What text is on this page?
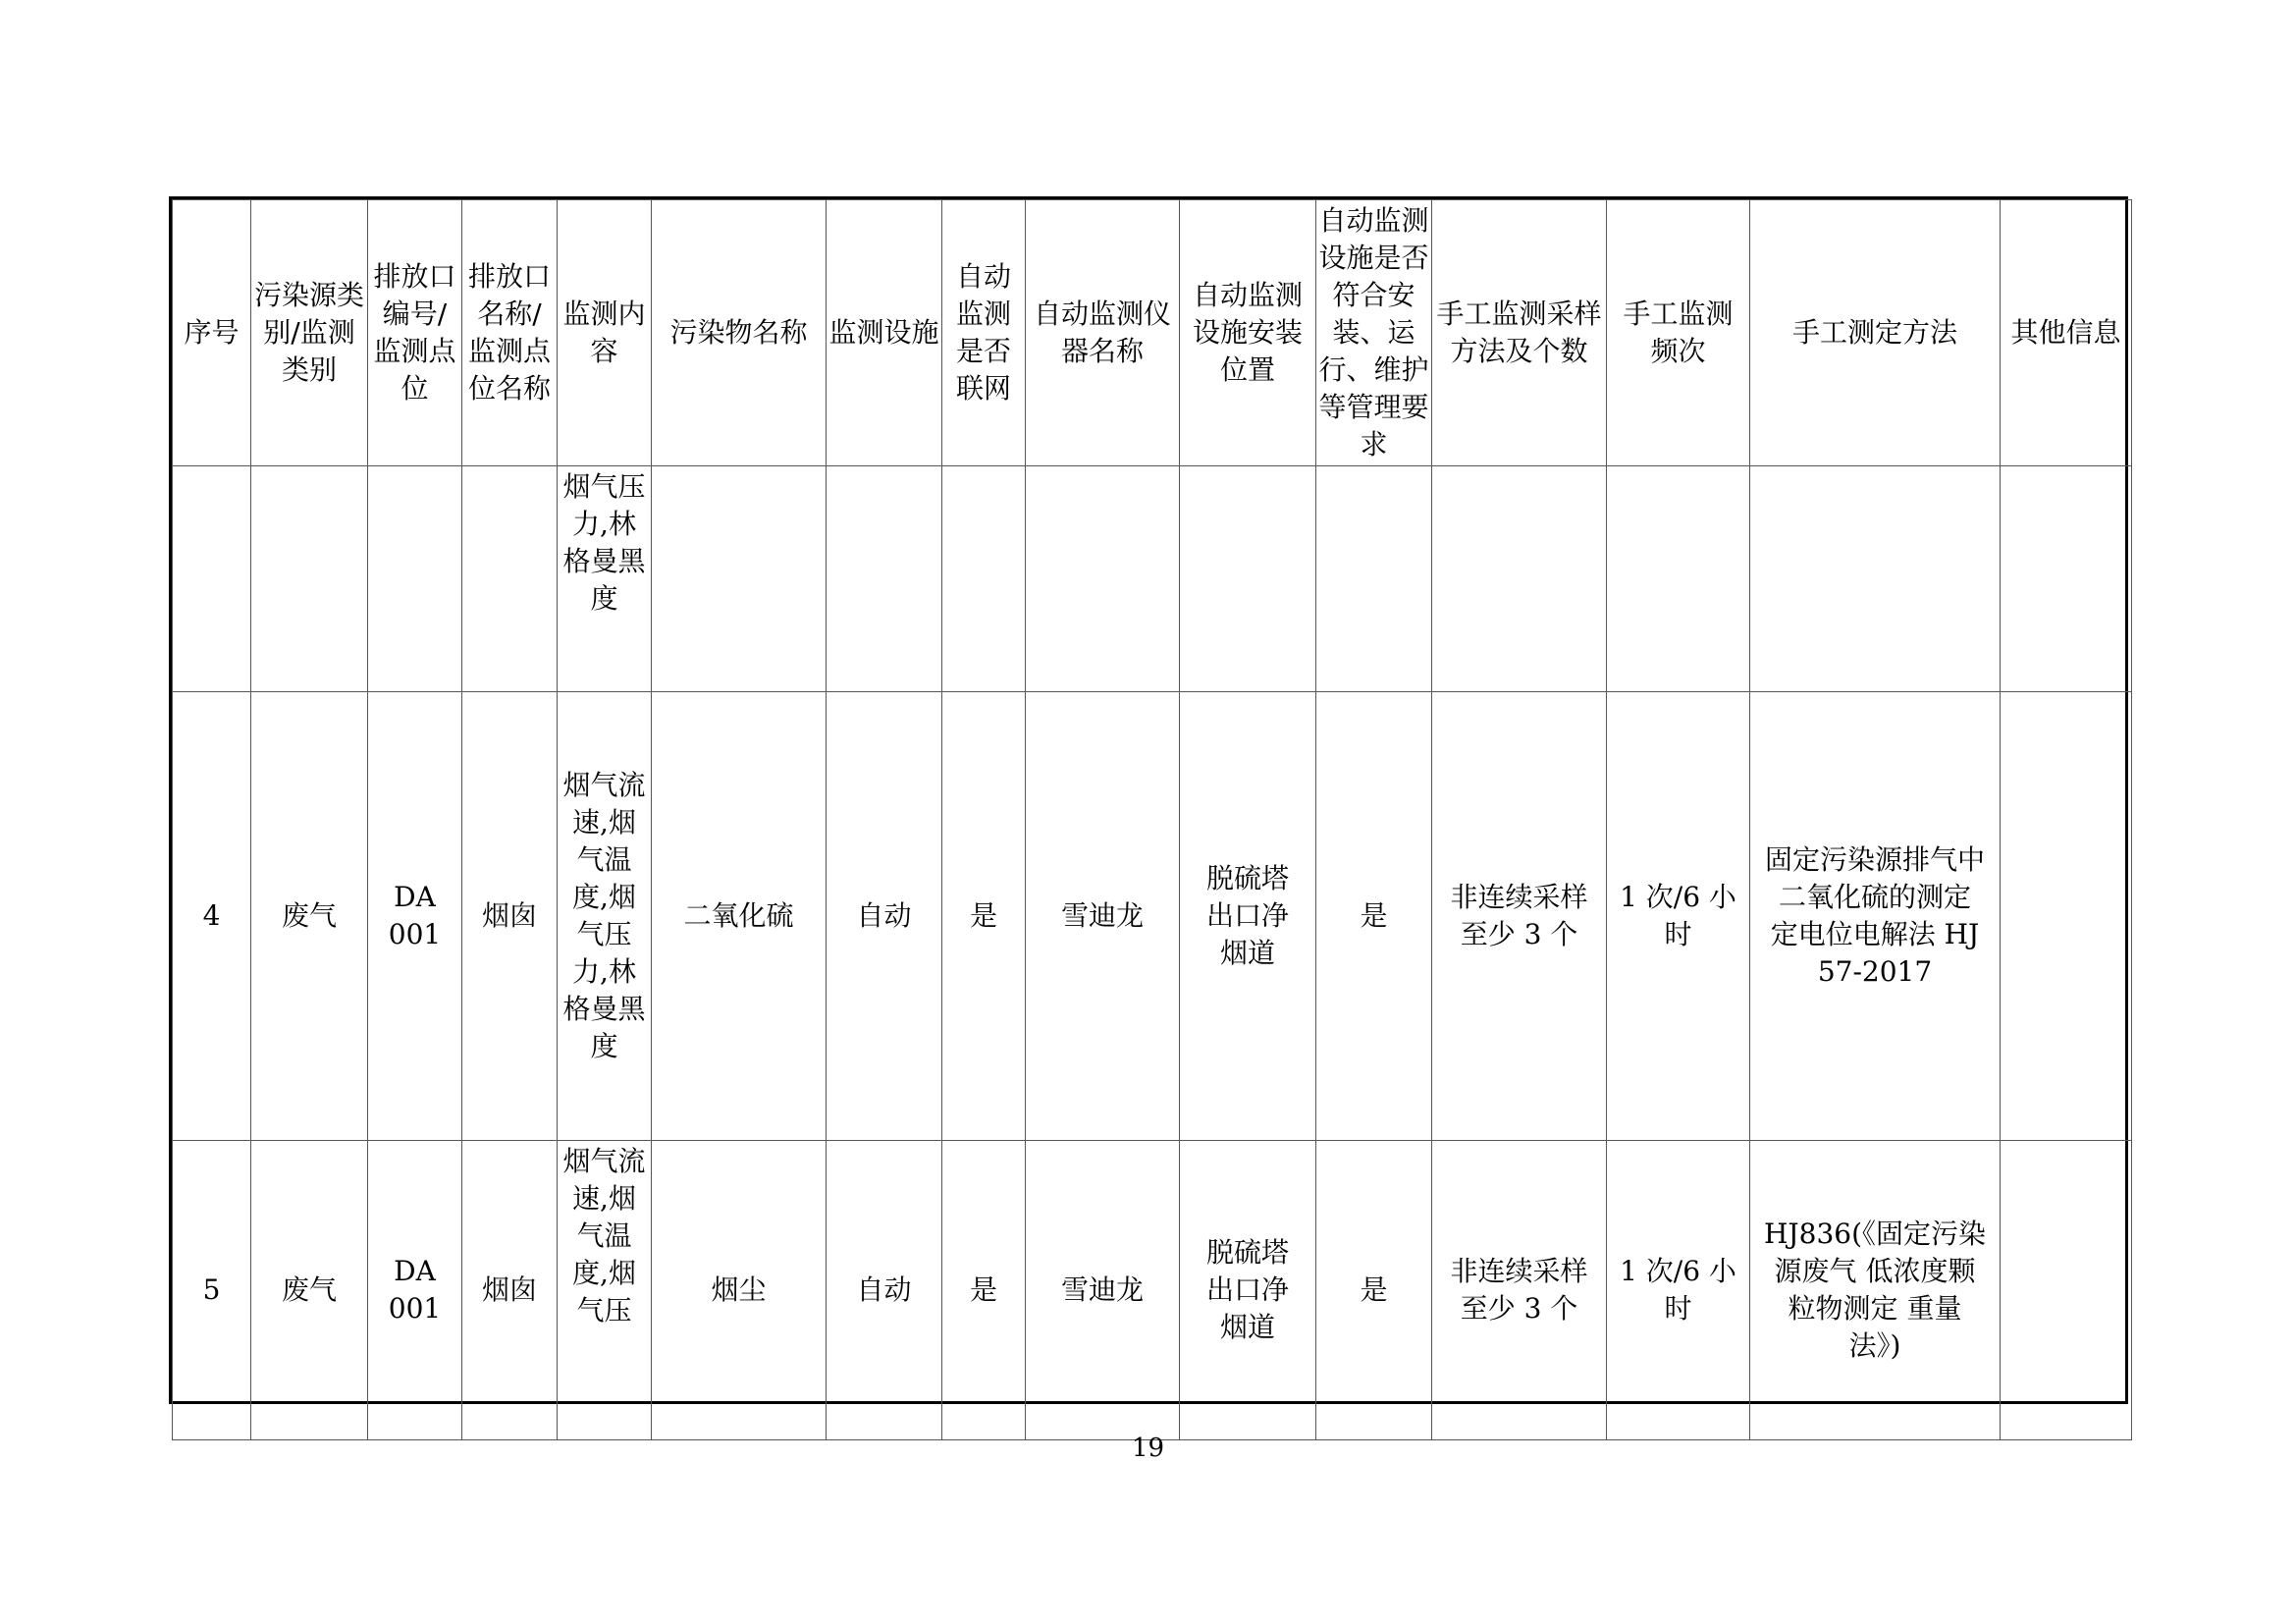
序号	污染源类别/监测类别	排放口编号/监测点位	排放口名称/监测点位名称	监测内容	污染物名称	监测设施	自动监测是否联网	自动监测仪器名称	自动监测设施安装位置	自动监测设施是否符合安装、运行、维护等管理要求	手工监测采样方法及个数	手工监测频次	手工测定方法	其他信息
				烟气压力,林格曼黑度										
4	废气	DA001	烟囱	烟气流速,烟气温度,烟气压力,林格曼黑度	二氧化硫	自动	是	雪迪龙	脱硫塔出口净烟道	是	非连续采样至少 3 个	1 次/6 小时	固定污染源排气中二氧化硫的测定 定电位电解法 HJ 57-2017	
5	废气	DA001	烟囱	烟气流速,烟气温度,烟气压	烟尘	自动	是	雪迪龙	脱硫塔出口净烟道	是	非连续采样至少 3 个	1 次/6 小时	HJ836(《固定污染源废气 低浓度颗粒物测定 重量法》)	
19
